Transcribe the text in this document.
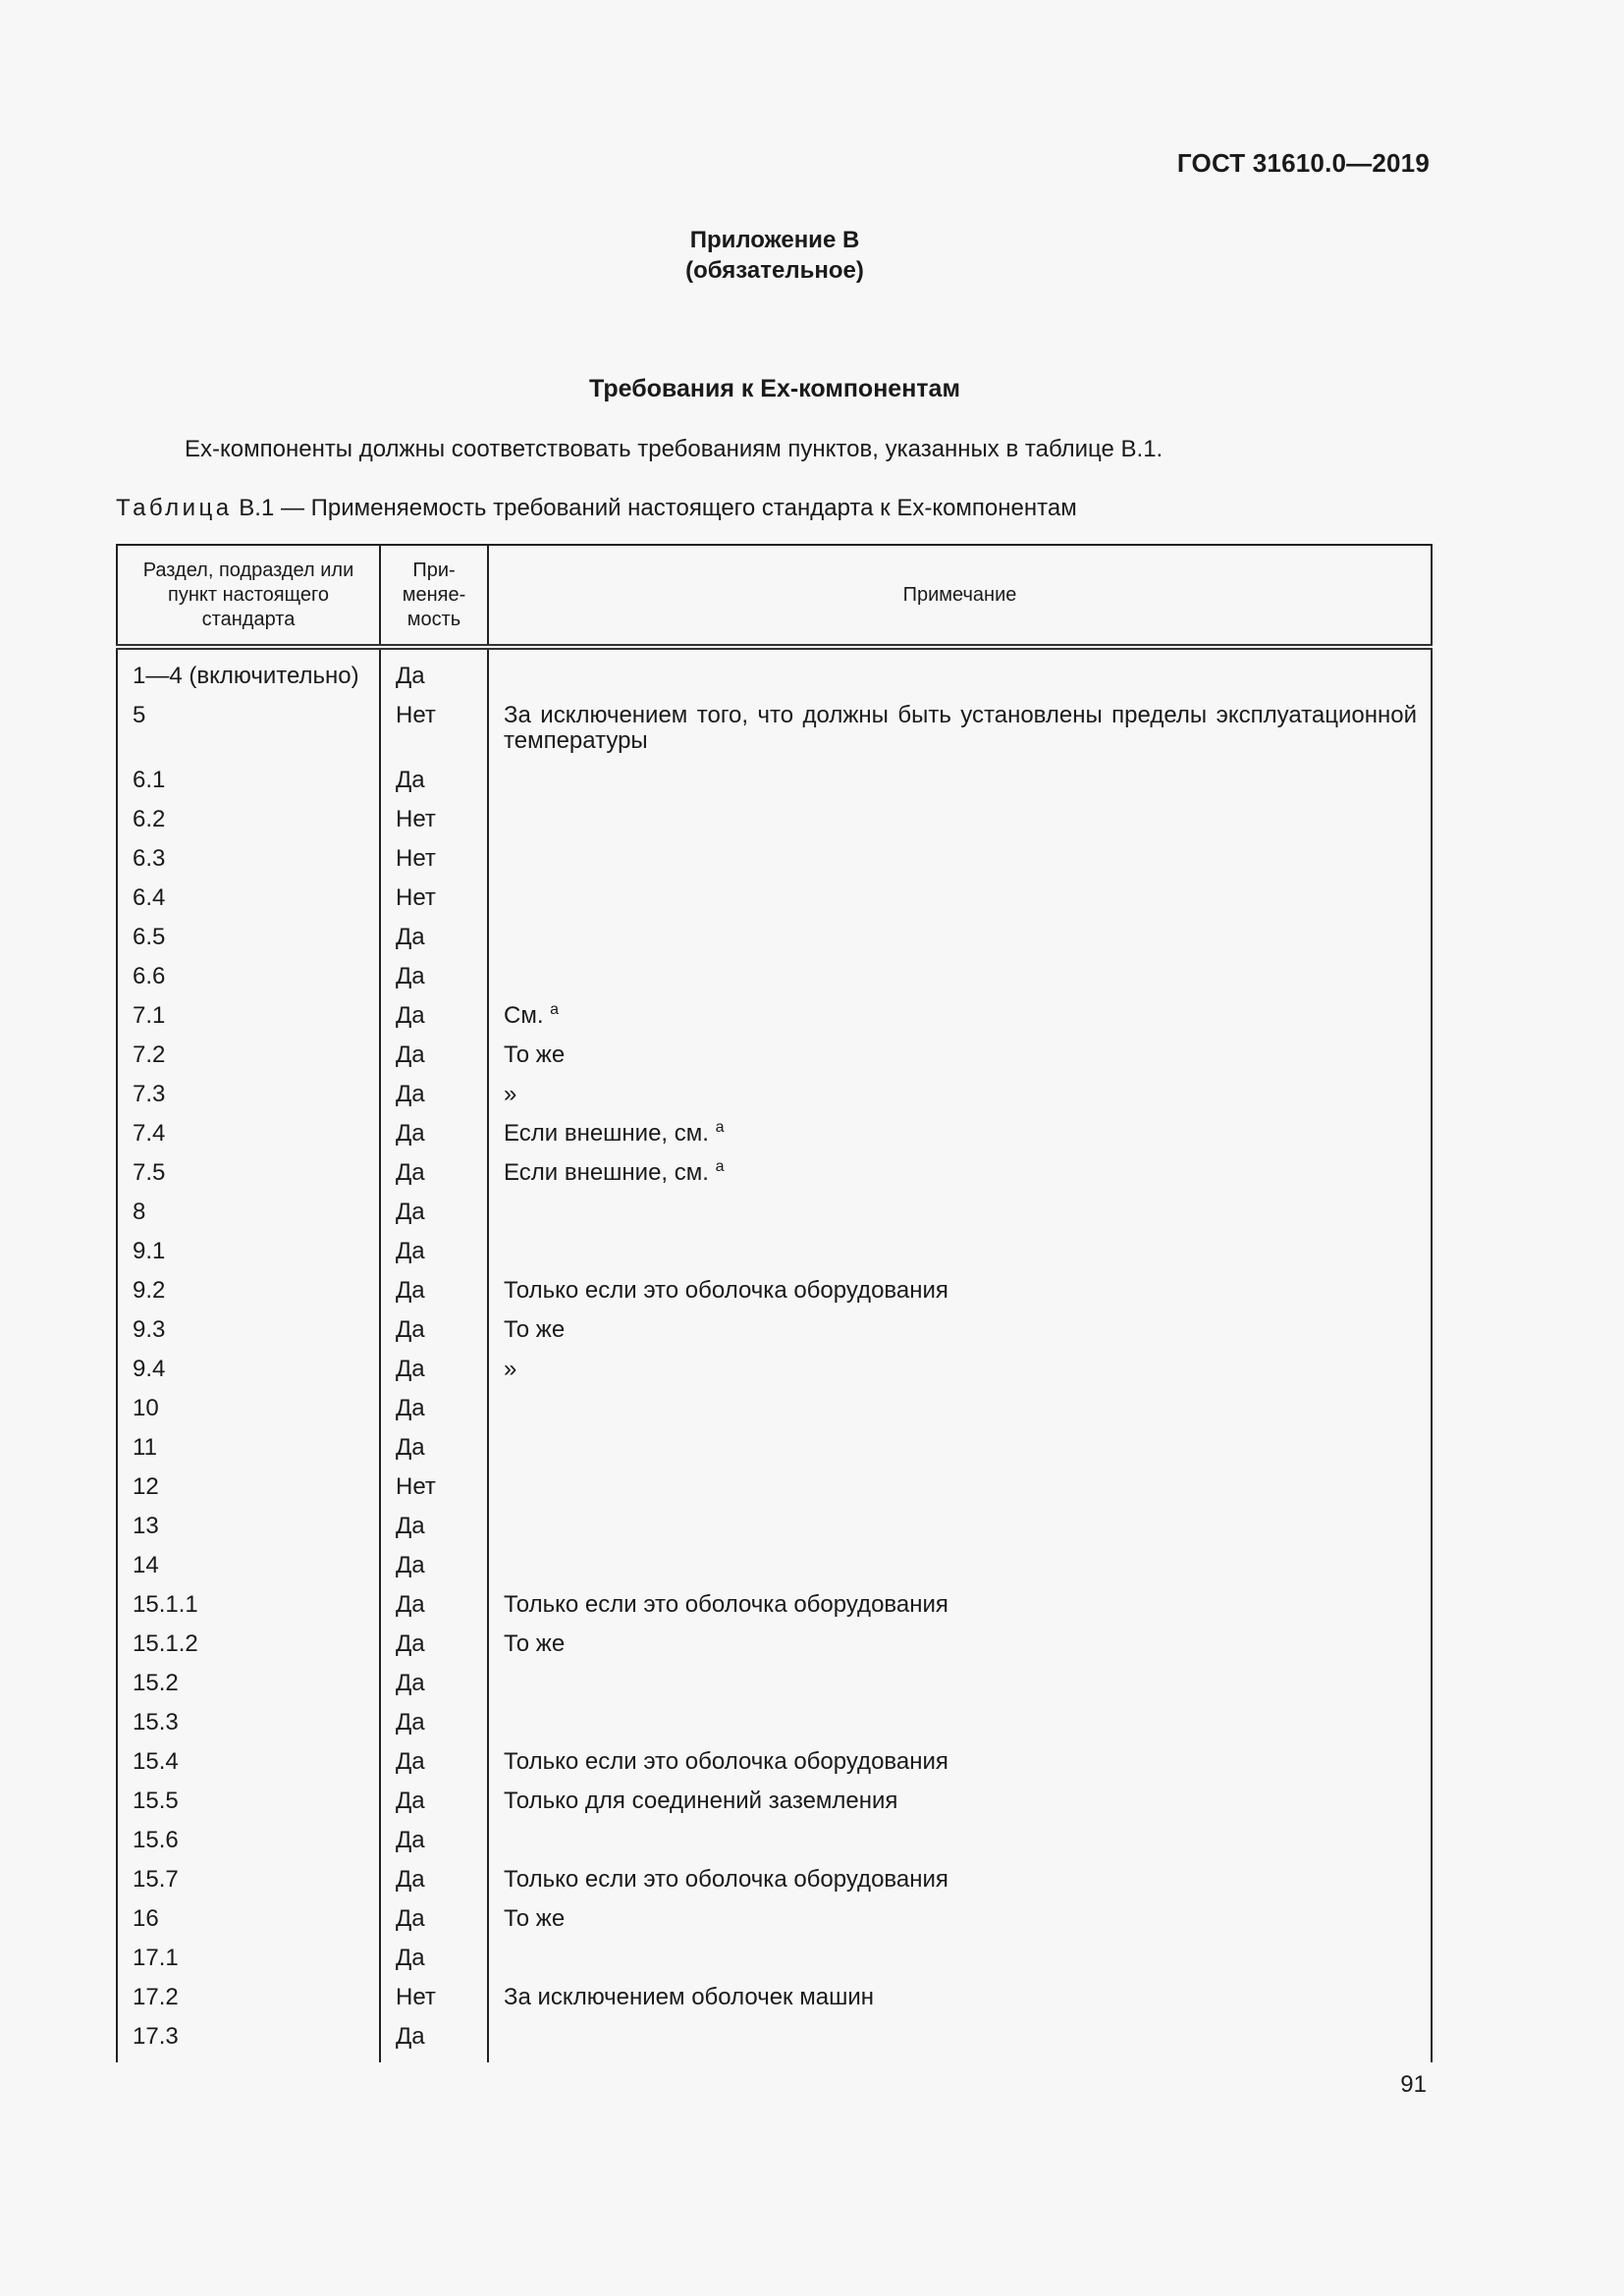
ГОСТ 31610.0—2019
Приложение В
(обязательное)
Требования к Ех-компонентам
Ех-компоненты должны соответствовать требованиям пунктов, указанных в таблице В.1.
Таблица В.1 — Применяемость требований настоящего стандарта к Ех-компонентам
Раздел, подраздел или пункт настоящего стандарта	При-меняе-мость	Примечание
1—4 (включительно)	Да	
5	Нет	За исключением того, что должны быть установлены пределы эксплуатационной температуры
6.1	Да	
6.2	Нет	
6.3	Нет	
6.4	Нет	
6.5	Да	
6.6	Да	
7.1	Да	См. $^а$
7.2	Да	То же
7.3	Да	»
7.4	Да	Если внешние, см. $^а$
7.5	Да	Если внешние, см. $^а$
8	Да	
9.1	Да	
9.2	Да	Только если это оболочка оборудования
9.3	Да	То же
9.4	Да	»
10	Да	
11	Да	
12	Нет	
13	Да	
14	Да	
15.1.1	Да	Только если это оболочка оборудования
15.1.2	Да	То же
15.2	Да	
15.3	Да	
15.4	Да	Только если это оболочка оборудования
15.5	Да	Только для соединений заземления
15.6	Да	
15.7	Да	Только если это оболочка оборудования
16	Да	То же
17.1	Да	
17.2	Нет	За исключением оболочек машин
17.3	Да	
91
